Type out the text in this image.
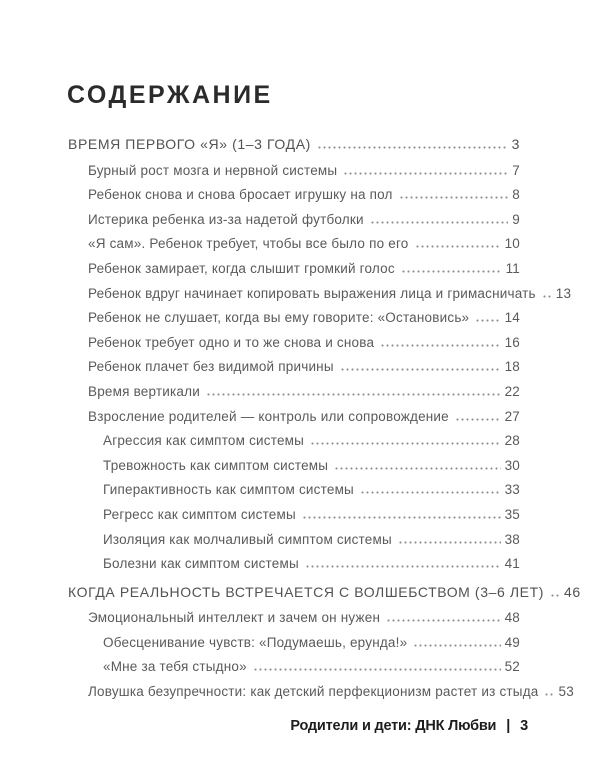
СОДЕРЖАНИЕ
ВРЕМЯ ПЕРВОГО «Я» (1–3 ГОДА)	3
Бурный рост мозга и нервной системы	7
Ребенок снова и снова бросает игрушку на пол	8
Истерика ребенка из-за надетой футболки	9
«Я сам». Ребенок требует, чтобы все было по его	10
Ребенок замирает, когда слышит громкий голос	11
Ребенок вдруг начинает копировать выражения лица и гримасничать 13
Ребенок не слушает, когда вы ему говорите: «Остановись»	14
Ребенок требует одно и то же снова и снова	16
Ребенок плачет без видимой причины	18
Время вертикали	22
Взросление родителей — контроль или сопровождение	27
Агрессия как симптом системы	28
Тревожность как симптом системы	30
Гиперактивность как симптом системы	33
Регресс как симптом системы	35
Изоляция как молчаливый симптом системы	38
Болезни как симптом системы	41
КОГДА РЕАЛЬНОСТЬ ВСТРЕЧАЕТСЯ С ВОЛШЕБСТВОМ (3–6 ЛЕТ) 46
Эмоциональный интеллект и зачем он нужен	48
Обесценивание чувств: «Подумаешь, ерунда!»	49
«Мне за тебя стыдно»	52
Ловушка безупречности: как детский перфекционизм растет из стыда 53
Родители и дети: ДНК Любви | 3
